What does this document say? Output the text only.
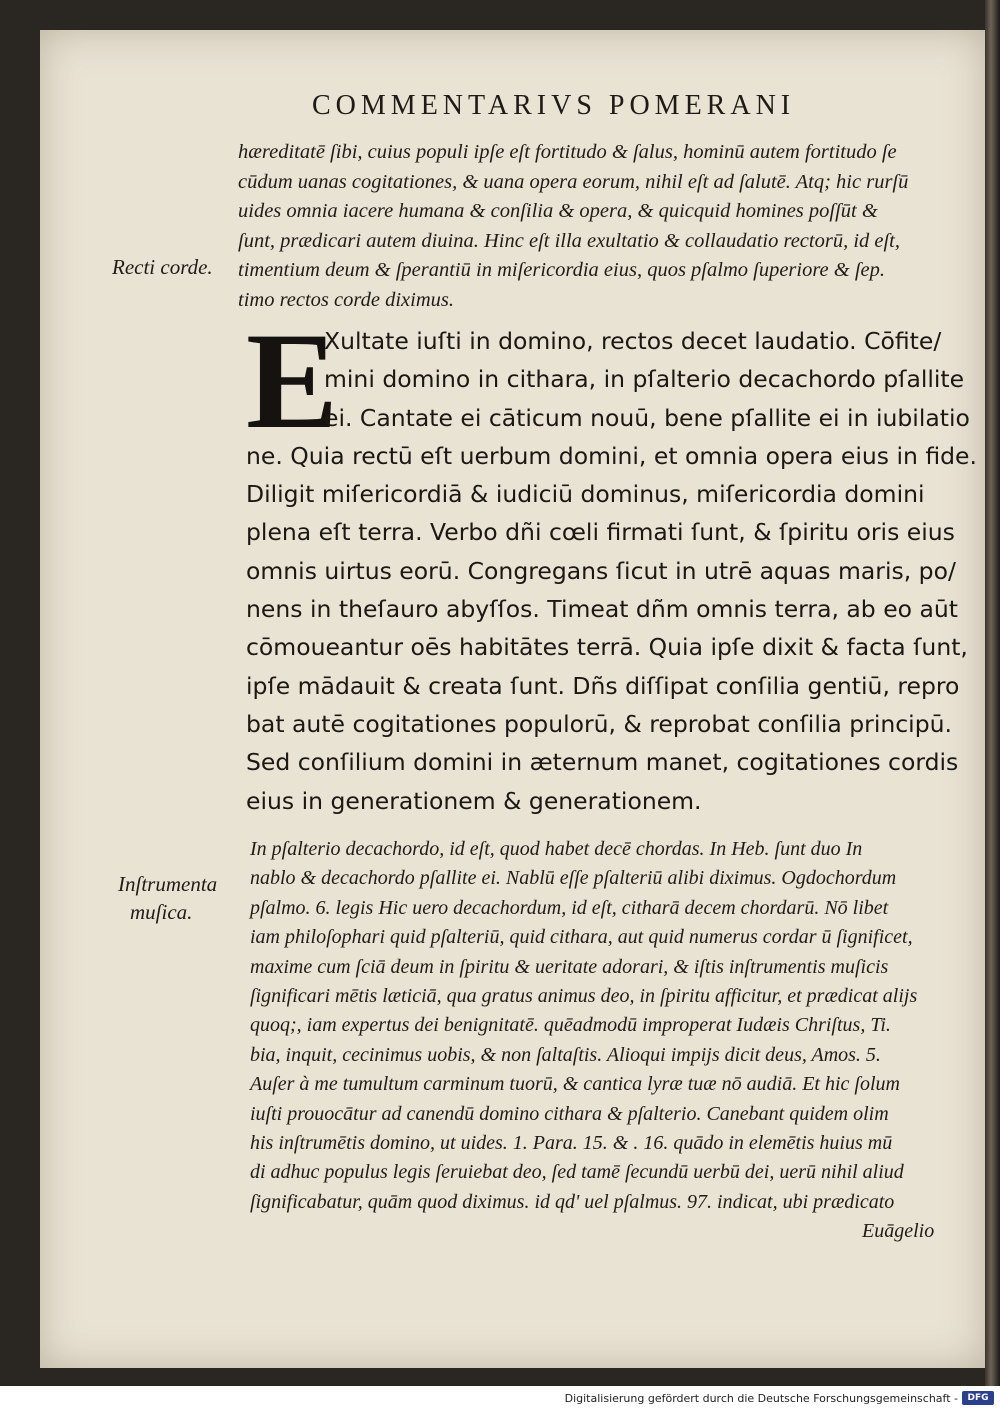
COMMENTARIVS POMERANI
hæreditatē ſibi, cuius populi ipſe eſt fortitudo & ſalus, hominū autem fortitudo ſe
cūdum uanas cogitationes, & uana opera eorum, nihil eſt ad ſalutē. Atq; hic rurſū
uides omnia iacere humana & conſilia & opera, & quicquid homines poſſūt &
ſunt, prædicari autem diuina. Hinc eſt illa exultatio & collaudatio rectorū, id eſt,
timentium deum & ſperantiū in miſericordia eius, quos pſalmo ſuperiore & ſep.
timo rectos corde diximus.
Recti corde.
E
Xultate iuſti in domino, rectos decet laudatio. Cōfite/
mini domino in cithara, in pſalterio decachordo pſallite
ei. Cantate ei cāticum nouū, bene pſallite ei in iubilatio
ne. Quia rectū eſt uerbum domini, et omnia opera eius in fide.
Diligit miſericordiā & iudiciū dominus, miſericordia domini
plena eſt terra. Verbo dñi cœli firmati ſunt, & ſpiritu oris eius
omnis uirtus eorū. Congregans ſicut in utrē aquas maris, po/
nens in theſauro abyſſos. Timeat dñm omnis terra, ab eo aūt
cōmoueantur oēs habitātes terrā. Quia ipſe dixit & facta ſunt,
ipſe mādauit & creata ſunt. Dñs diſſipat conſilia gentiū, repro
bat autē cogitationes populorū, & reprobat conſilia principū.
Sed conſilium domini in æternum manet, cogitationes cordis
eius in generationem & generationem.
Inſtrumenta
muſica.
In pſalterio decachordo, id eſt, quod habet decē chordas. In Heb. ſunt duo In
nablo & decachordo pſallite ei. Nablū eſſe pſalteriū alibi diximus. Ogdochordum
pſalmo. 6. legis Hic uero decachordum, id eſt, citharā decem chordarū. Nō libet
iam philoſophari quid pſalteriū, quid cithara, aut quid numerus cordar ū ſignificet,
maxime cum ſciā deum in ſpiritu & ueritate adorari, & iſtis inſtrumentis muſicis
ſignificari mētis læticiā, qua gratus animus deo, in ſpiritu afficitur, et prædicat alijs
quoq;, iam expertus dei benignitatē. quēadmodū improperat Iudæis Chriſtus, Ti.
bia, inquit, cecinimus uobis, & non ſaltaſtis. Alioqui impijs dicit deus, Amos. 5.
Auſer à me tumultum carminum tuorū, & cantica lyræ tuæ nō audiā. Et hic ſolum
iuſti prouocātur ad canendū domino cithara & pſalterio. Canebant quidem olim
his inſtrumētis domino, ut uides. 1. Para. 15. & . 16. quādo in elemētis huius mū
di adhuc populus legis ſeruiebat deo, ſed tamē ſecundū uerbū dei, uerū nihil aliud
ſignificabatur, quām quod diximus. id qd' uel pſalmus. 97. indicat, ubi prædicato
Euāgelio
Digitalisierung gefördert durch die Deutsche Forschungsgemeinschaft -	DFG
